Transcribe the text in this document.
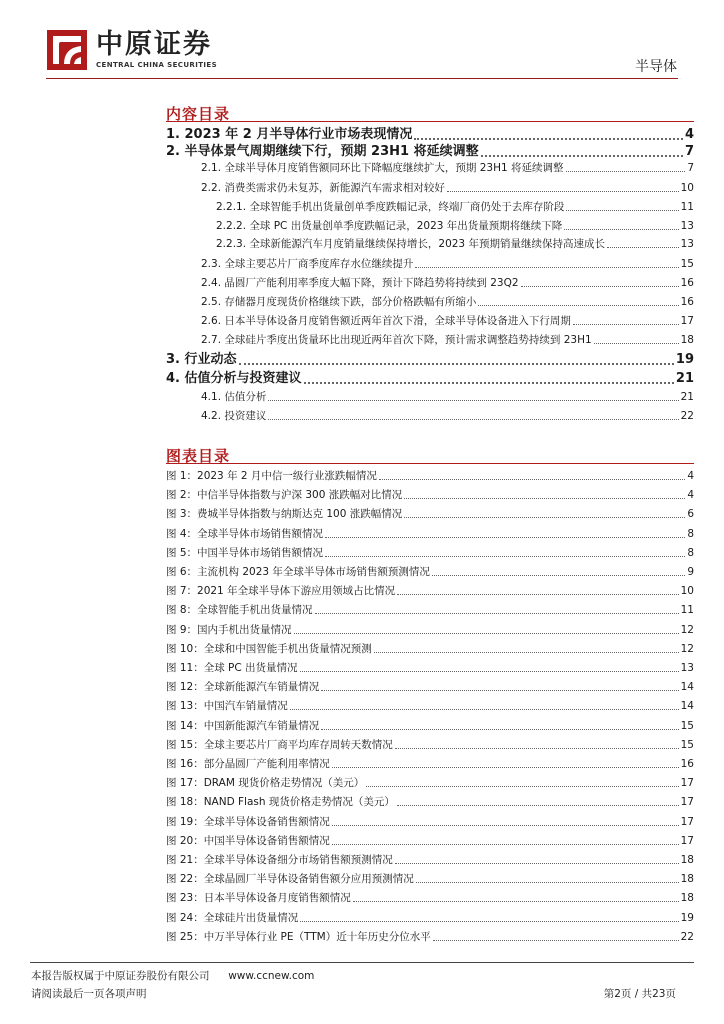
中原证券
CENTRAL CHINA SECURITIES	半导体
内容目录
1. 2023 年 2 月半导体行业市场表现情况	4
2. 半导体景气周期继续下行，预期 23H1 将延续调整	7
2.1. 全球半导体月度销售额同环比下降幅度继续扩大，预期 23H1 将延续调整	7
2.2. 消费类需求仍未复苏，新能源汽车需求相对较好	10
2.2.1. 全球智能手机出货量创单季度跌幅记录，终端厂商仍处于去库存阶段	11
2.2.2. 全球 PC 出货量创单季度跌幅记录，2023 年出货量预期将继续下降	13
2.2.3. 全球新能源汽车月度销量继续保持增长，2023 年预期销量继续保持高速成长	13
2.3. 全球主要芯片厂商季度库存水位继续提升	15
2.4. 晶圆厂产能利用率季度大幅下降，预计下降趋势将持续到 23Q2	16
2.5. 存储器月度现货价格继续下跌，部分价格跌幅有所缩小	16
2.6. 日本半导体设备月度销售额近两年首次下滑，全球半导体设备进入下行周期	17
2.7. 全球硅片季度出货量环比出现近两年首次下降，预计需求调整趋势持续到 23H1	18
3. 行业动态	19
4. 估值分析与投资建议	21
4.1. 估值分析	21
4.2. 投资建议	22
图表目录
图 1：2023 年 2 月中信一级行业涨跌幅情况	4
图 2：中信半导体指数与沪深 300 涨跌幅对比情况	4
图 3：费城半导体指数与纳斯达克 100 涨跌幅情况	6
图 4：全球半导体市场销售额情况	8
图 5：中国半导体市场销售额情况	8
图 6：主流机构 2023 年全球半导体市场销售额预测情况	9
图 7：2021 年全球半导体下游应用领域占比情况	10
图 8：全球智能手机出货量情况	11
图 9：国内手机出货量情况	12
图 10：全球和中国智能手机出货量情况预测	12
图 11：全球 PC 出货量情况	13
图 12：全球新能源汽车销量情况	14
图 13：中国汽车销量情况	14
图 14：中国新能源汽车销量情况	15
图 15：全球主要芯片厂商平均库存周转天数情况	15
图 16：部分晶圆厂产能利用率情况	16
图 17：DRAM 现货价格走势情况（美元）	17
图 18：NAND Flash 现货价格走势情况（美元）	17
图 19：全球半导体设备销售额情况	17
图 20：中国半导体设备销售额情况	17
图 21：全球半导体设备细分市场销售额预测情况	18
图 22：全球晶圆厂半导体设备销售额分应用预测情况	18
图 23：日本半导体设备月度销售额情况	18
图 24：全球硅片出货量情况	19
图 25：中万半导体行业 PE（TTM）近十年历史分位水平	22
本报告版权属于中原证券股份有限公司 www.ccnew.com
请阅读最后一页各项声明	第2页 / 共23页
